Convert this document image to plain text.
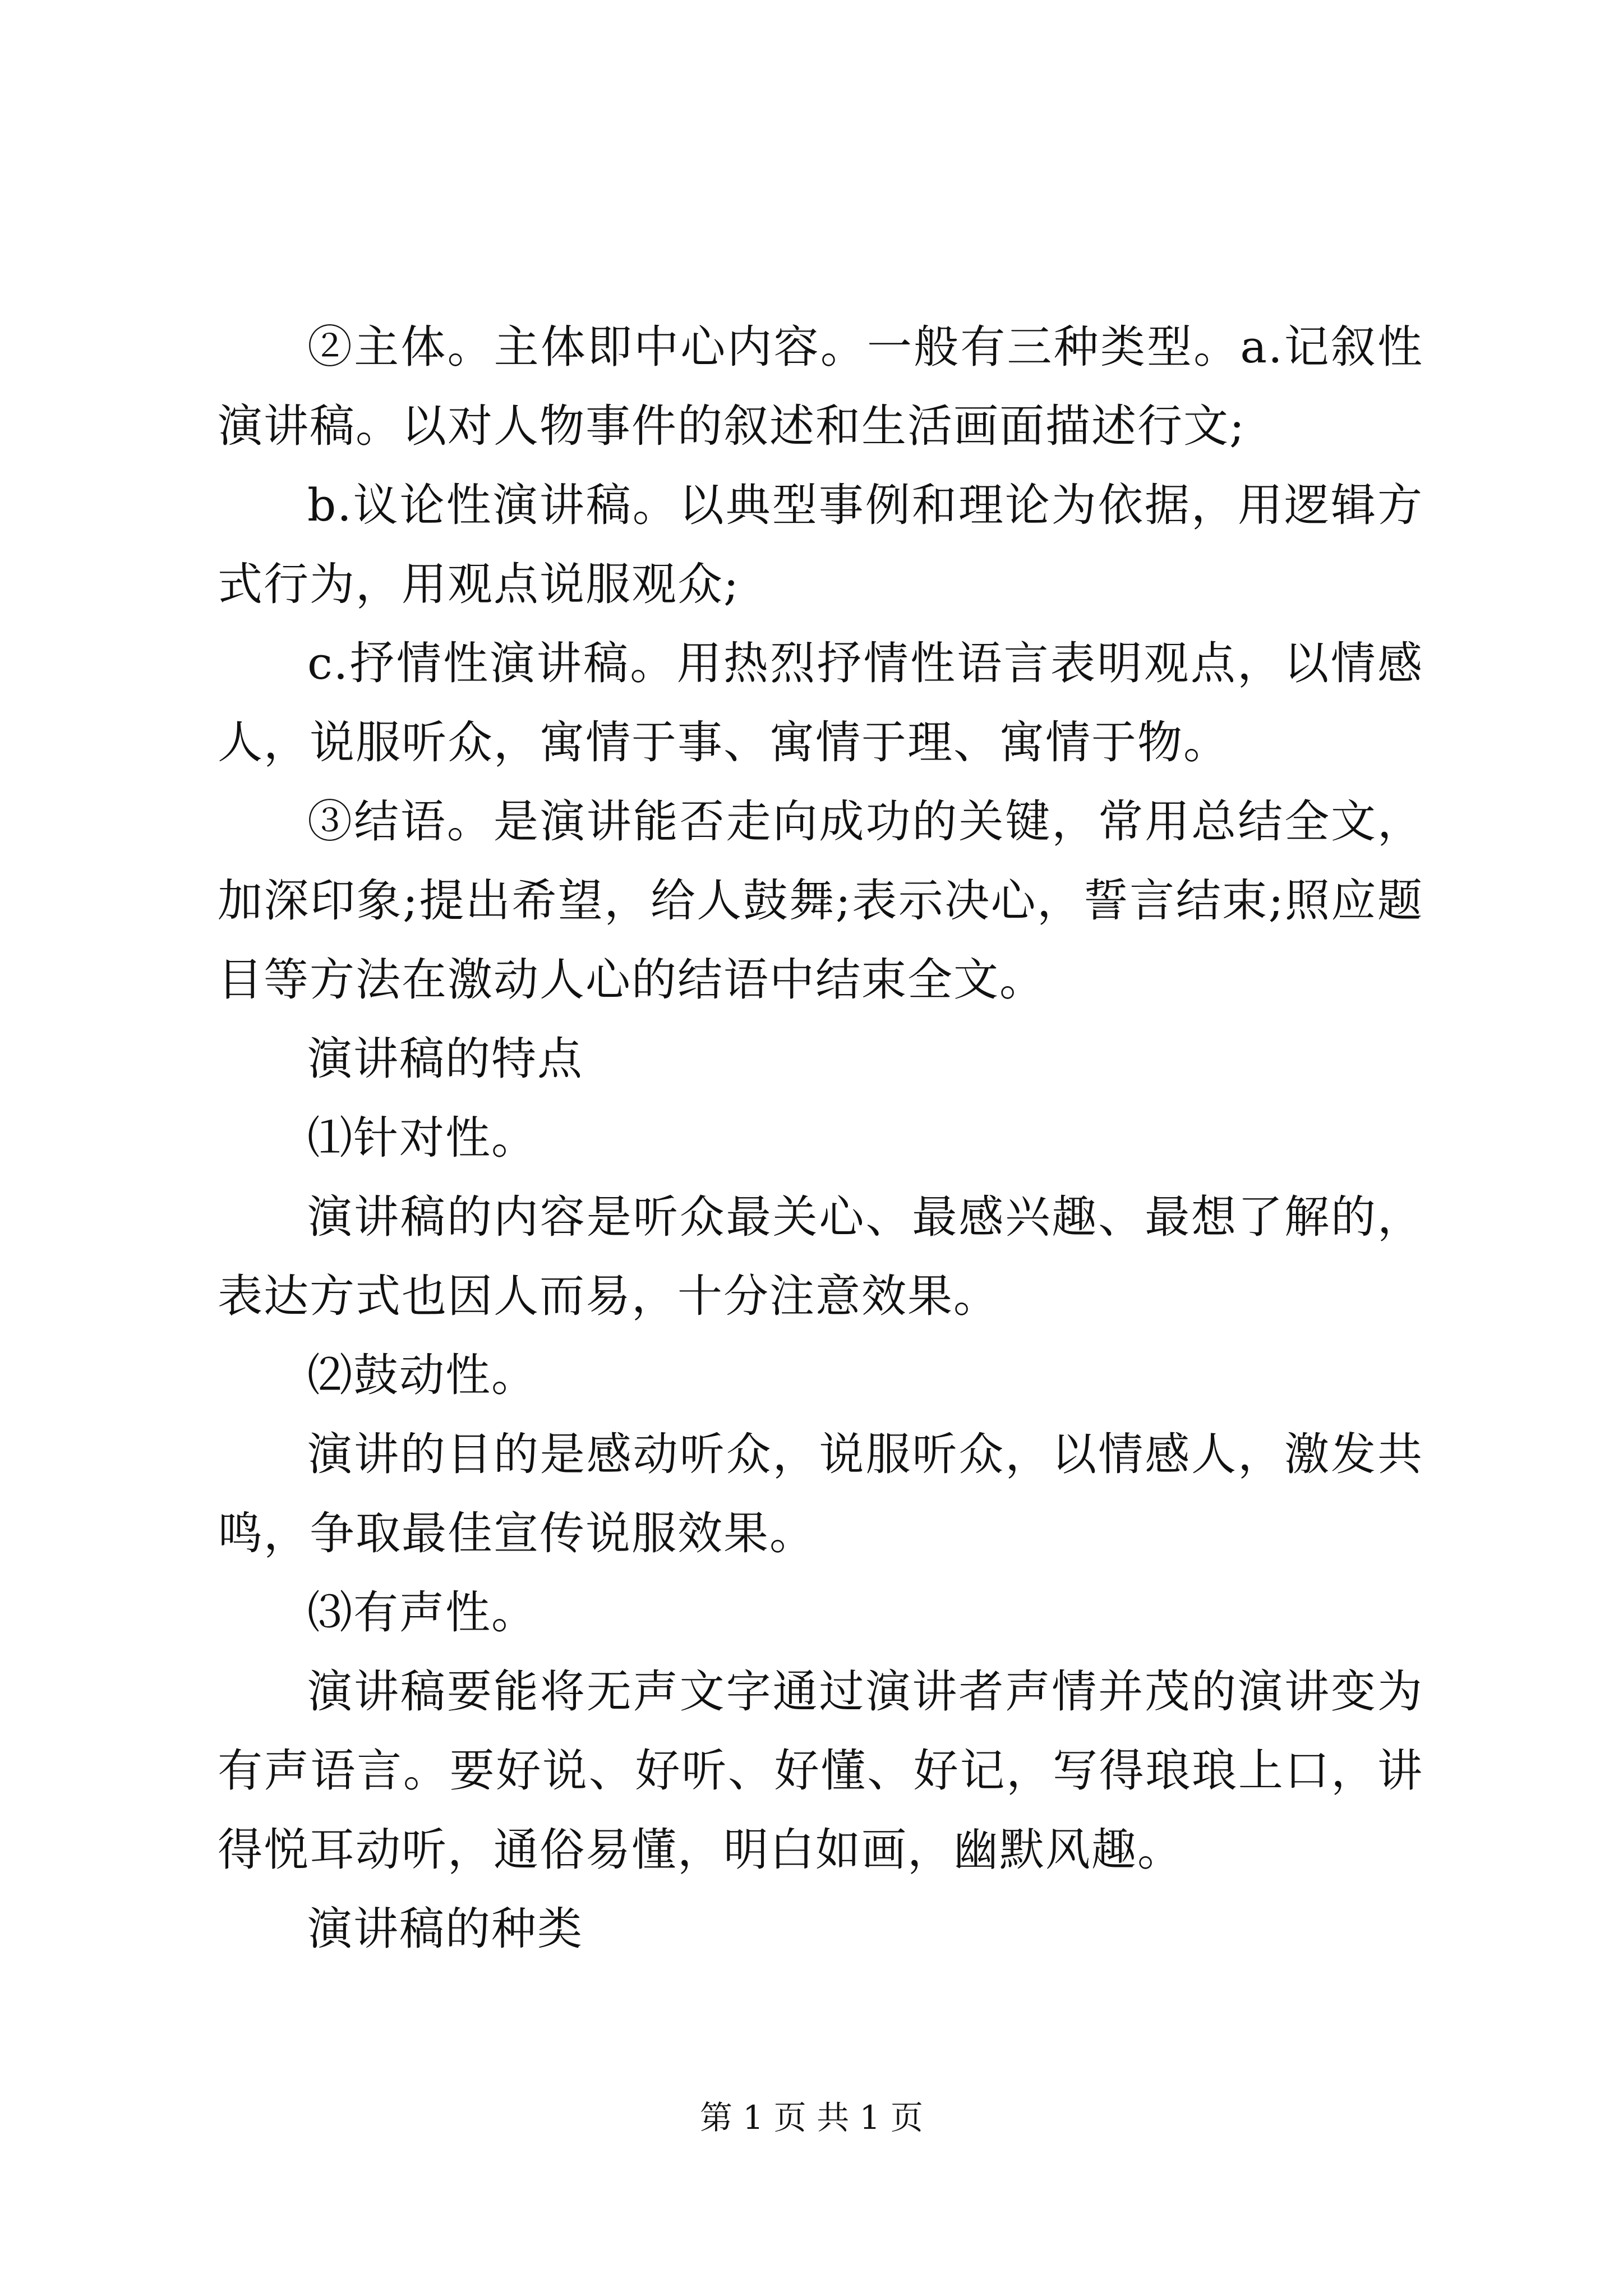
②主体。主体即中心内容。一般有三种类型。a.记叙性演讲稿。以对人物事件的叙述和生活画面描述行文;

b.议论性演讲稿。以典型事例和理论为依据，用逻辑方式行为，用观点说服观众;

c.抒情性演讲稿。用热烈抒情性语言表明观点，以情感人，说服听众，寓情于事、寓情于理、寓情于物。

③结语。是演讲能否走向成功的关键，常用总结全文，加深印象;提出希望，给人鼓舞;表示决心，誓言结束;照应题目等方法在激动人心的结语中结束全文。

演讲稿的特点

⑴针对性。

演讲稿的内容是听众最关心、最感兴趣、最想了解的，表达方式也因人而易，十分注意效果。

⑵鼓动性。

演讲的目的是感动听众，说服听众，以情感人，激发共鸣，争取最佳宣传说服效果。

⑶有声性。

演讲稿要能将无声文字通过演讲者声情并茂的演讲变为有声语言。要好说、好听、好懂、好记，写得琅琅上口，讲得悦耳动听，通俗易懂，明白如画，幽默风趣。

演讲稿的种类

第 1 页 共 1 页
